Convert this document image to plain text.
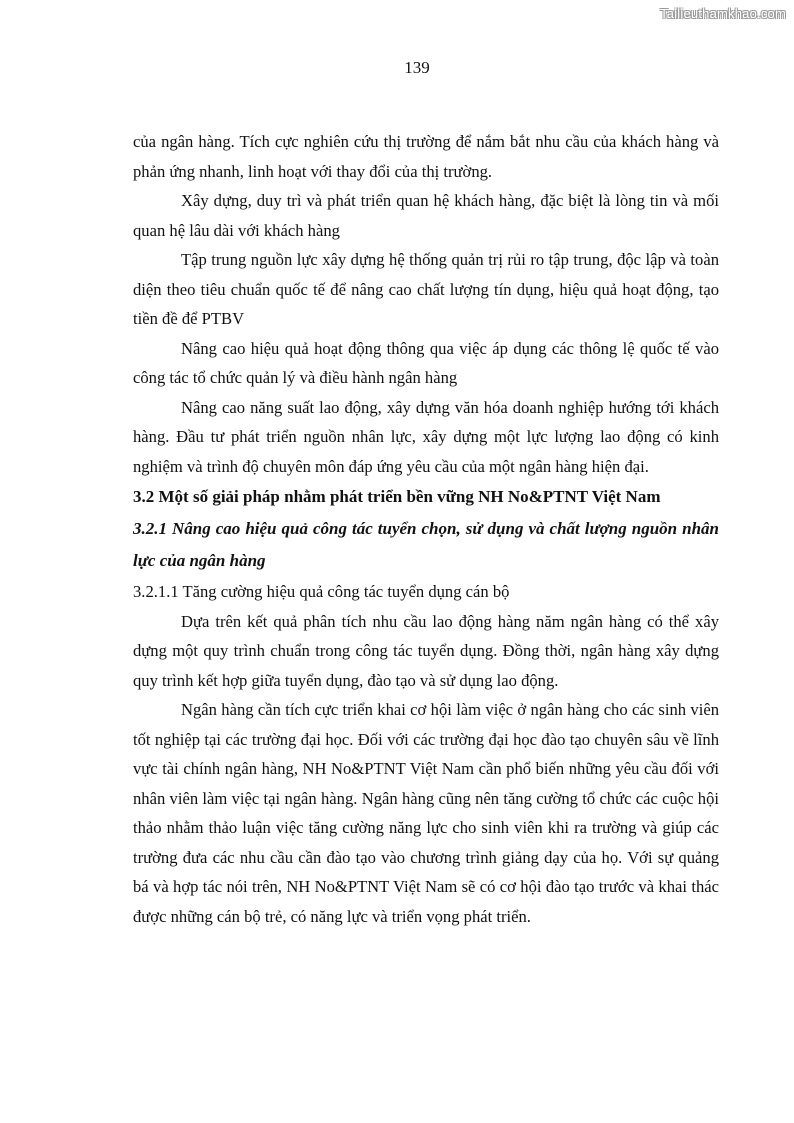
Tailieuthamkhao.com
139

của ngân hàng. Tích cực nghiên cứu thị trường để nắm bắt nhu cầu của khách hàng và phản ứng nhanh, linh hoạt với thay đổi của thị trường.

Xây dựng, duy trì và phát triển quan hệ khách hàng, đặc biệt là lòng tin và mối quan hệ lâu dài với khách hàng

Tập trung nguồn lực xây dựng hệ thống quản trị rủi ro tập trung, độc lập và toàn diện theo tiêu chuẩn quốc tế để nâng cao chất lượng tín dụng, hiệu quả hoạt động, tạo tiền đề để PTBV

Nâng cao hiệu quả hoạt động thông qua việc áp dụng các thông lệ quốc tế vào công tác tổ chức quản lý và điều hành ngân hàng

Nâng cao năng suất lao động, xây dựng văn hóa doanh nghiệp hướng tới khách hàng. Đầu tư phát triển nguồn nhân lực, xây dựng một lực lượng lao động có kinh nghiệm và trình độ chuyên môn đáp ứng yêu cầu của một ngân hàng hiện đại.

3.2 Một số giải pháp nhằm phát triển bền vững NH No&PTNT Việt Nam

3.2.1 Nâng cao hiệu quả công tác tuyển chọn, sử dụng và chất lượng nguồn nhân lực của ngân hàng

3.2.1.1 Tăng cường hiệu quả công tác tuyển dụng cán bộ

Dựa trên kết quả phân tích nhu cầu lao động hàng năm ngân hàng có thể xây dựng một quy trình chuẩn trong công tác tuyển dụng. Đồng thời, ngân hàng xây dựng quy trình kết hợp giữa tuyển dụng, đào tạo và sử dụng lao động.

Ngân hàng cần tích cực triển khai cơ hội làm việc ở ngân hàng cho các sinh viên tốt nghiệp tại các trường đại học. Đối với các trường đại học đào tạo chuyên sâu về lĩnh vực tài chính ngân hàng, NH No&PTNT Việt Nam cần phổ biến những yêu cầu đối với nhân viên làm việc tại ngân hàng. Ngân hàng cũng nên tăng cường tổ chức các cuộc hội thảo nhằm thảo luận việc tăng cường năng lực cho sinh viên khi ra trường và giúp các trường đưa các nhu cầu cần đào tạo vào chương trình giảng dạy của họ. Với sự quảng bá và hợp tác nói trên, NH No&PTNT Việt Nam sẽ có cơ hội đào tạo trước và khai thác được những cán bộ trẻ, có năng lực và triển vọng phát triển.
